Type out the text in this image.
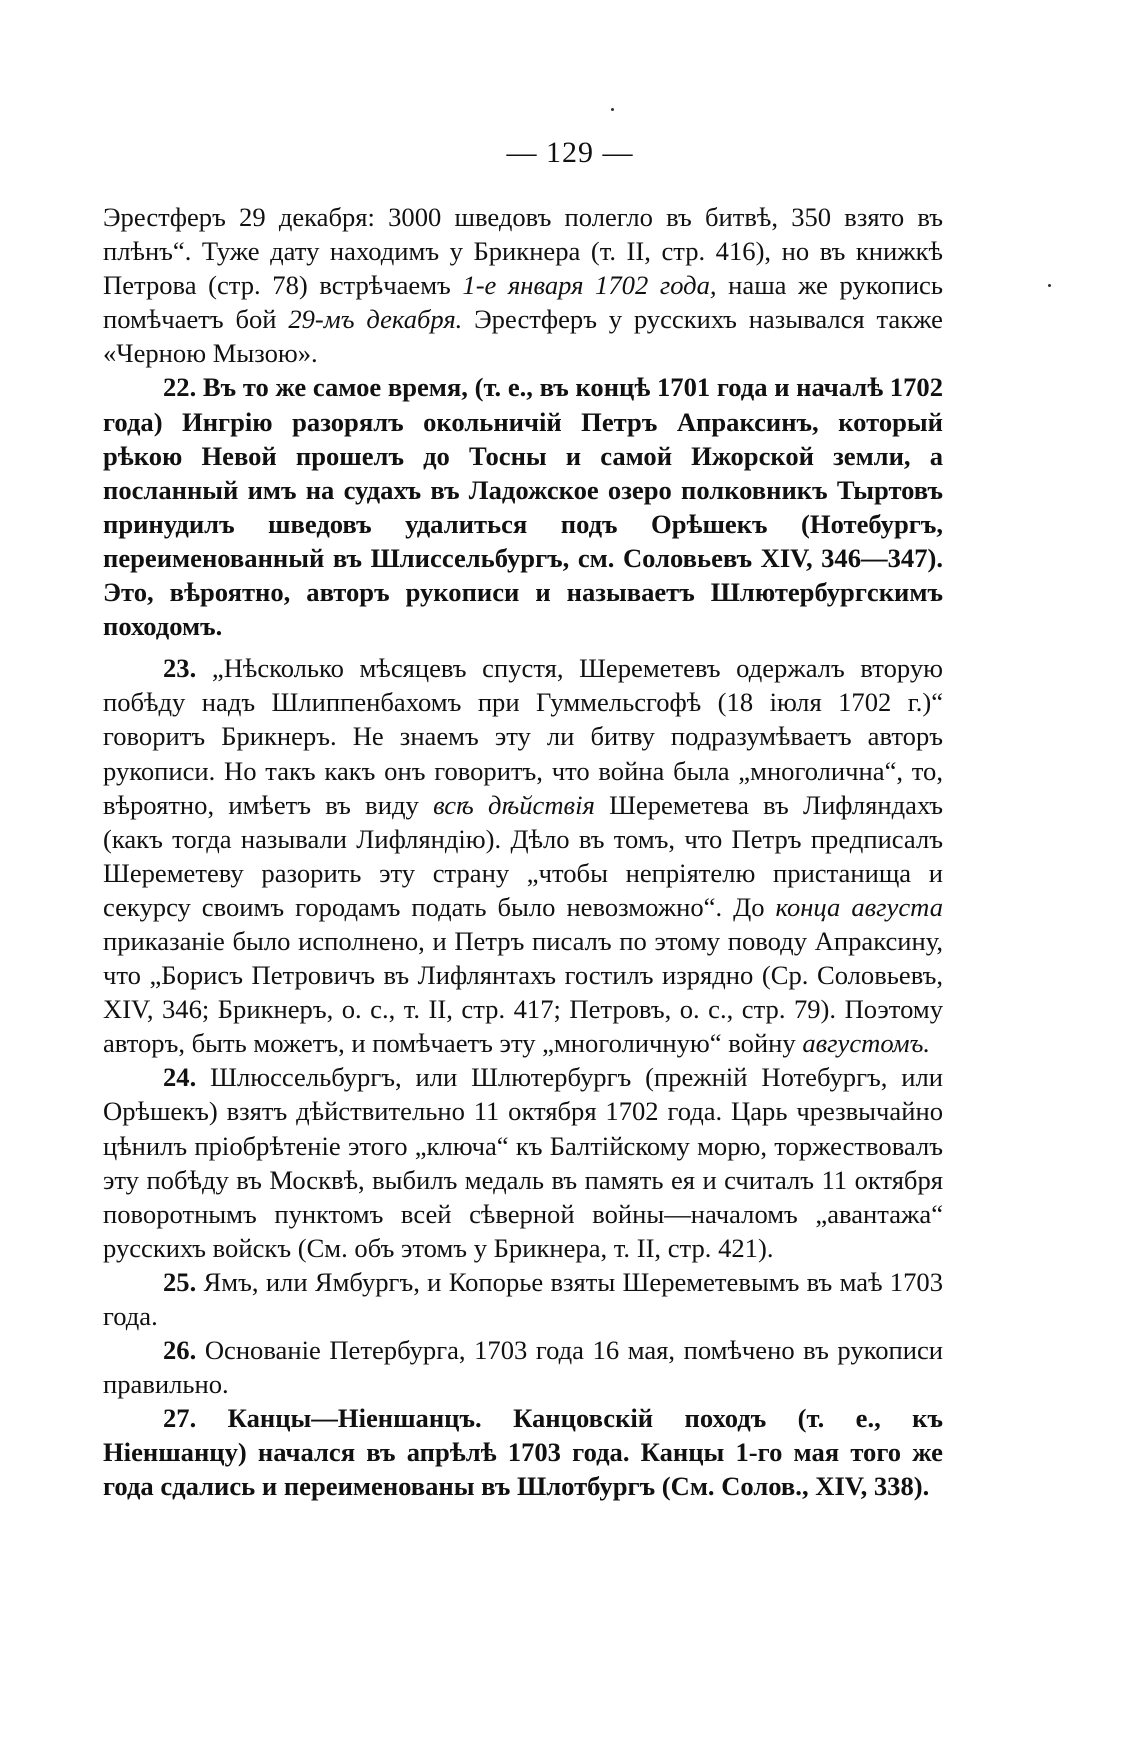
— 129 —

Эрестферъ 29 декабря: 3000 шведовъ полегло въ битвѣ, 350 взято въ плѣнъ“. Туже дату находимъ у Брикнера (т. II, стр. 416), но въ книжкѣ Петрова (стр. 78) встрѣчаемъ 1-е января 1702 года, наша же рукопись помѣчаетъ бой 29-мъ декабря. Эрестферъ у русскихъ назывался также «Черною Мызою».

22. Въ то же самое время, (т. е., въ концѣ 1701 года и началѣ 1702 года) Ингрію разорялъ окольничій Петръ Апраксинъ, который рѣкою Невой прошелъ до Тосны и самой Ижорской земли, а посланный имъ на судахъ въ Ладожское озеро полковникъ Тыртовъ принудилъ шведовъ удалиться подъ Орѣшекъ (Нотебургъ, переименованный въ Шлиссельбургъ, см. Соловьевъ XIV, 346—347). Это, вѣроятно, авторъ рукописи и называетъ Шлютербургскимъ походомъ.

23. „Нѣсколько мѣсяцевъ спустя, Шереметевъ одержалъ вторую побѣду надъ Шлиппенбахомъ при Гуммельсгофѣ (18 іюля 1702 г.)“ говоритъ Брикнеръ. Не знаемъ эту ли битву подразумѣваетъ авторъ рукописи. Но такъ какъ онъ говоритъ, что война была „многолична“, то, вѣроятно, имѣетъ въ виду всѣ дѣйствія Шереметева въ Лифляндахъ (какъ тогда называли Лифляндію). Дѣло въ томъ, что Петръ предписалъ Шереметеву разорить эту страну „чтобы непріятелю пристанища и секурсу своимъ городамъ подать было невозможно“. До конца августа приказаніе было исполнено, и Петръ писалъ по этому поводу Апраксину, что „Борисъ Петровичъ въ Лифлянтахъ гостилъ изрядно (Ср. Соловьевъ, XIV, 346; Брикнеръ, о. с., т. II, стр. 417; Петровъ, о. с., стр. 79). Поэтому авторъ, быть можетъ, и помѣчаетъ эту „многоличную“ войну августомъ.

24. Шлюссельбургъ, или Шлютербургъ (прежній Нотебургъ, или Орѣшекъ) взятъ дѣйствительно 11 октября 1702 года. Царь чрезвычайно цѣнилъ пріобрѣтеніе этого „ключа“ къ Балтійскому морю, торжествовалъ эту побѣду въ Москвѣ, выбилъ медаль въ память ея и считалъ 11 октября поворотнымъ пунктомъ всей сѣверной войны—началомъ „авантажа“ русскихъ войскъ (См. объ этомъ у Брикнера, т. II, стр. 421).

25. Ямъ, или Ямбургъ, и Копорье взяты Шереметевымъ въ маѣ 1703 года.

26. Основаніе Петербурга, 1703 года 16 мая, помѣчено въ рукописи правильно.

27. Канцы—Ніеншанцъ. Канцовскій походъ (т. е., къ Ніеншанцу) начался въ апрѣлѣ 1703 года. Канцы 1-го мая того же года сдались и переименованы въ Шлотбургъ (См. Солов., XIV, 338).
